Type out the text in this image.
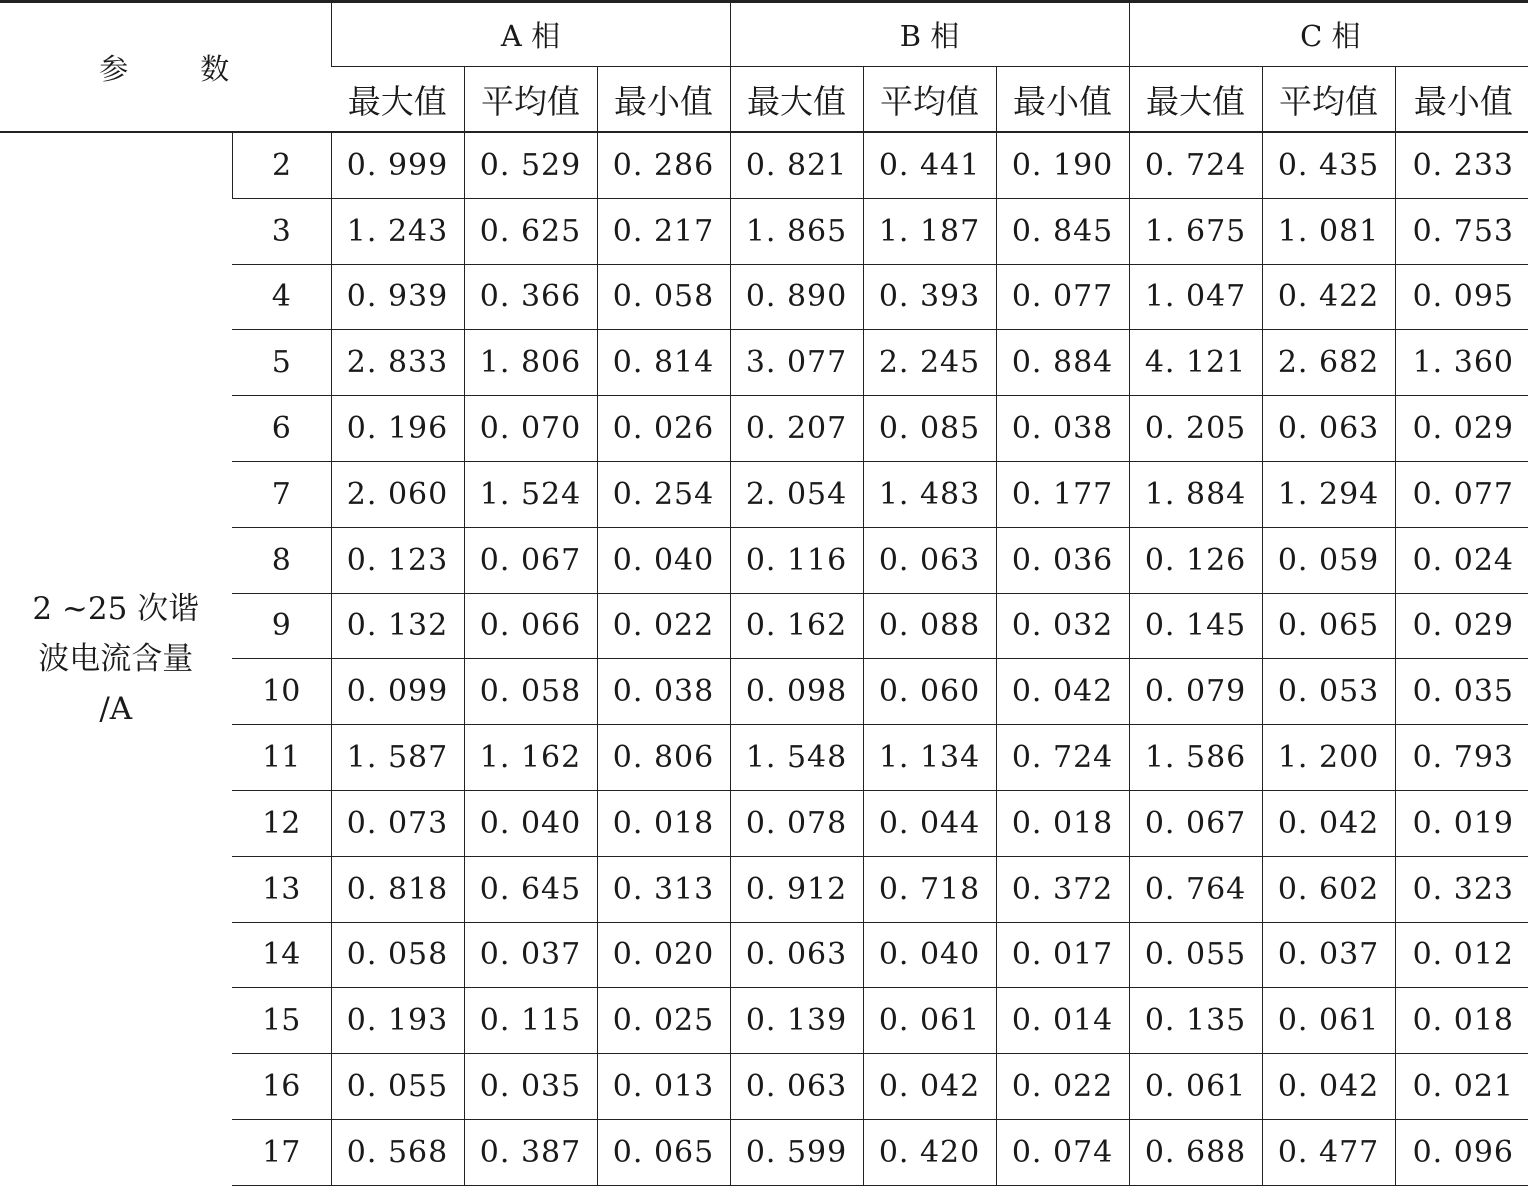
参 数		A 相			B 相			C 相		
		最大值	平均值	最小值	最大值	平均值	最小值	最大值	平均值	最小值
2 ~25 次谐
波电流含量
/A	2	0. 999	0. 529	0. 286	0. 821	0. 441	0. 190	0. 724	0. 435	0. 233
	3	1. 243	0. 625	0. 217	1. 865	1. 187	0. 845	1. 675	1. 081	0. 753
	4	0. 939	0. 366	0. 058	0. 890	0. 393	0. 077	1. 047	0. 422	0. 095
	5	2. 833	1. 806	0. 814	3. 077	2. 245	0. 884	4. 121	2. 682	1. 360
	6	0. 196	0. 070	0. 026	0. 207	0. 085	0. 038	0. 205	0. 063	0. 029
	7	2. 060	1. 524	0. 254	2. 054	1. 483	0. 177	1. 884	1. 294	0. 077
	8	0. 123	0. 067	0. 040	0. 116	0. 063	0. 036	0. 126	0. 059	0. 024
	9	0. 132	0. 066	0. 022	0. 162	0. 088	0. 032	0. 145	0. 065	0. 029
	10	0. 099	0. 058	0. 038	0. 098	0. 060	0. 042	0. 079	0. 053	0. 035
	11	1. 587	1. 162	0. 806	1. 548	1. 134	0. 724	1. 586	1. 200	0. 793
	12	0. 073	0. 040	0. 018	0. 078	0. 044	0. 018	0. 067	0. 042	0. 019
	13	0. 818	0. 645	0. 313	0. 912	0. 718	0. 372	0. 764	0. 602	0. 323
	14	0. 058	0. 037	0. 020	0. 063	0. 040	0. 017	0. 055	0. 037	0. 012
	15	0. 193	0. 115	0. 025	0. 139	0. 061	0. 014	0. 135	0. 061	0. 018
	16	0. 055	0. 035	0. 013	0. 063	0. 042	0. 022	0. 061	0. 042	0. 021
	17	0. 568	0. 387	0. 065	0. 599	0. 420	0. 074	0. 688	0. 477	0. 096
